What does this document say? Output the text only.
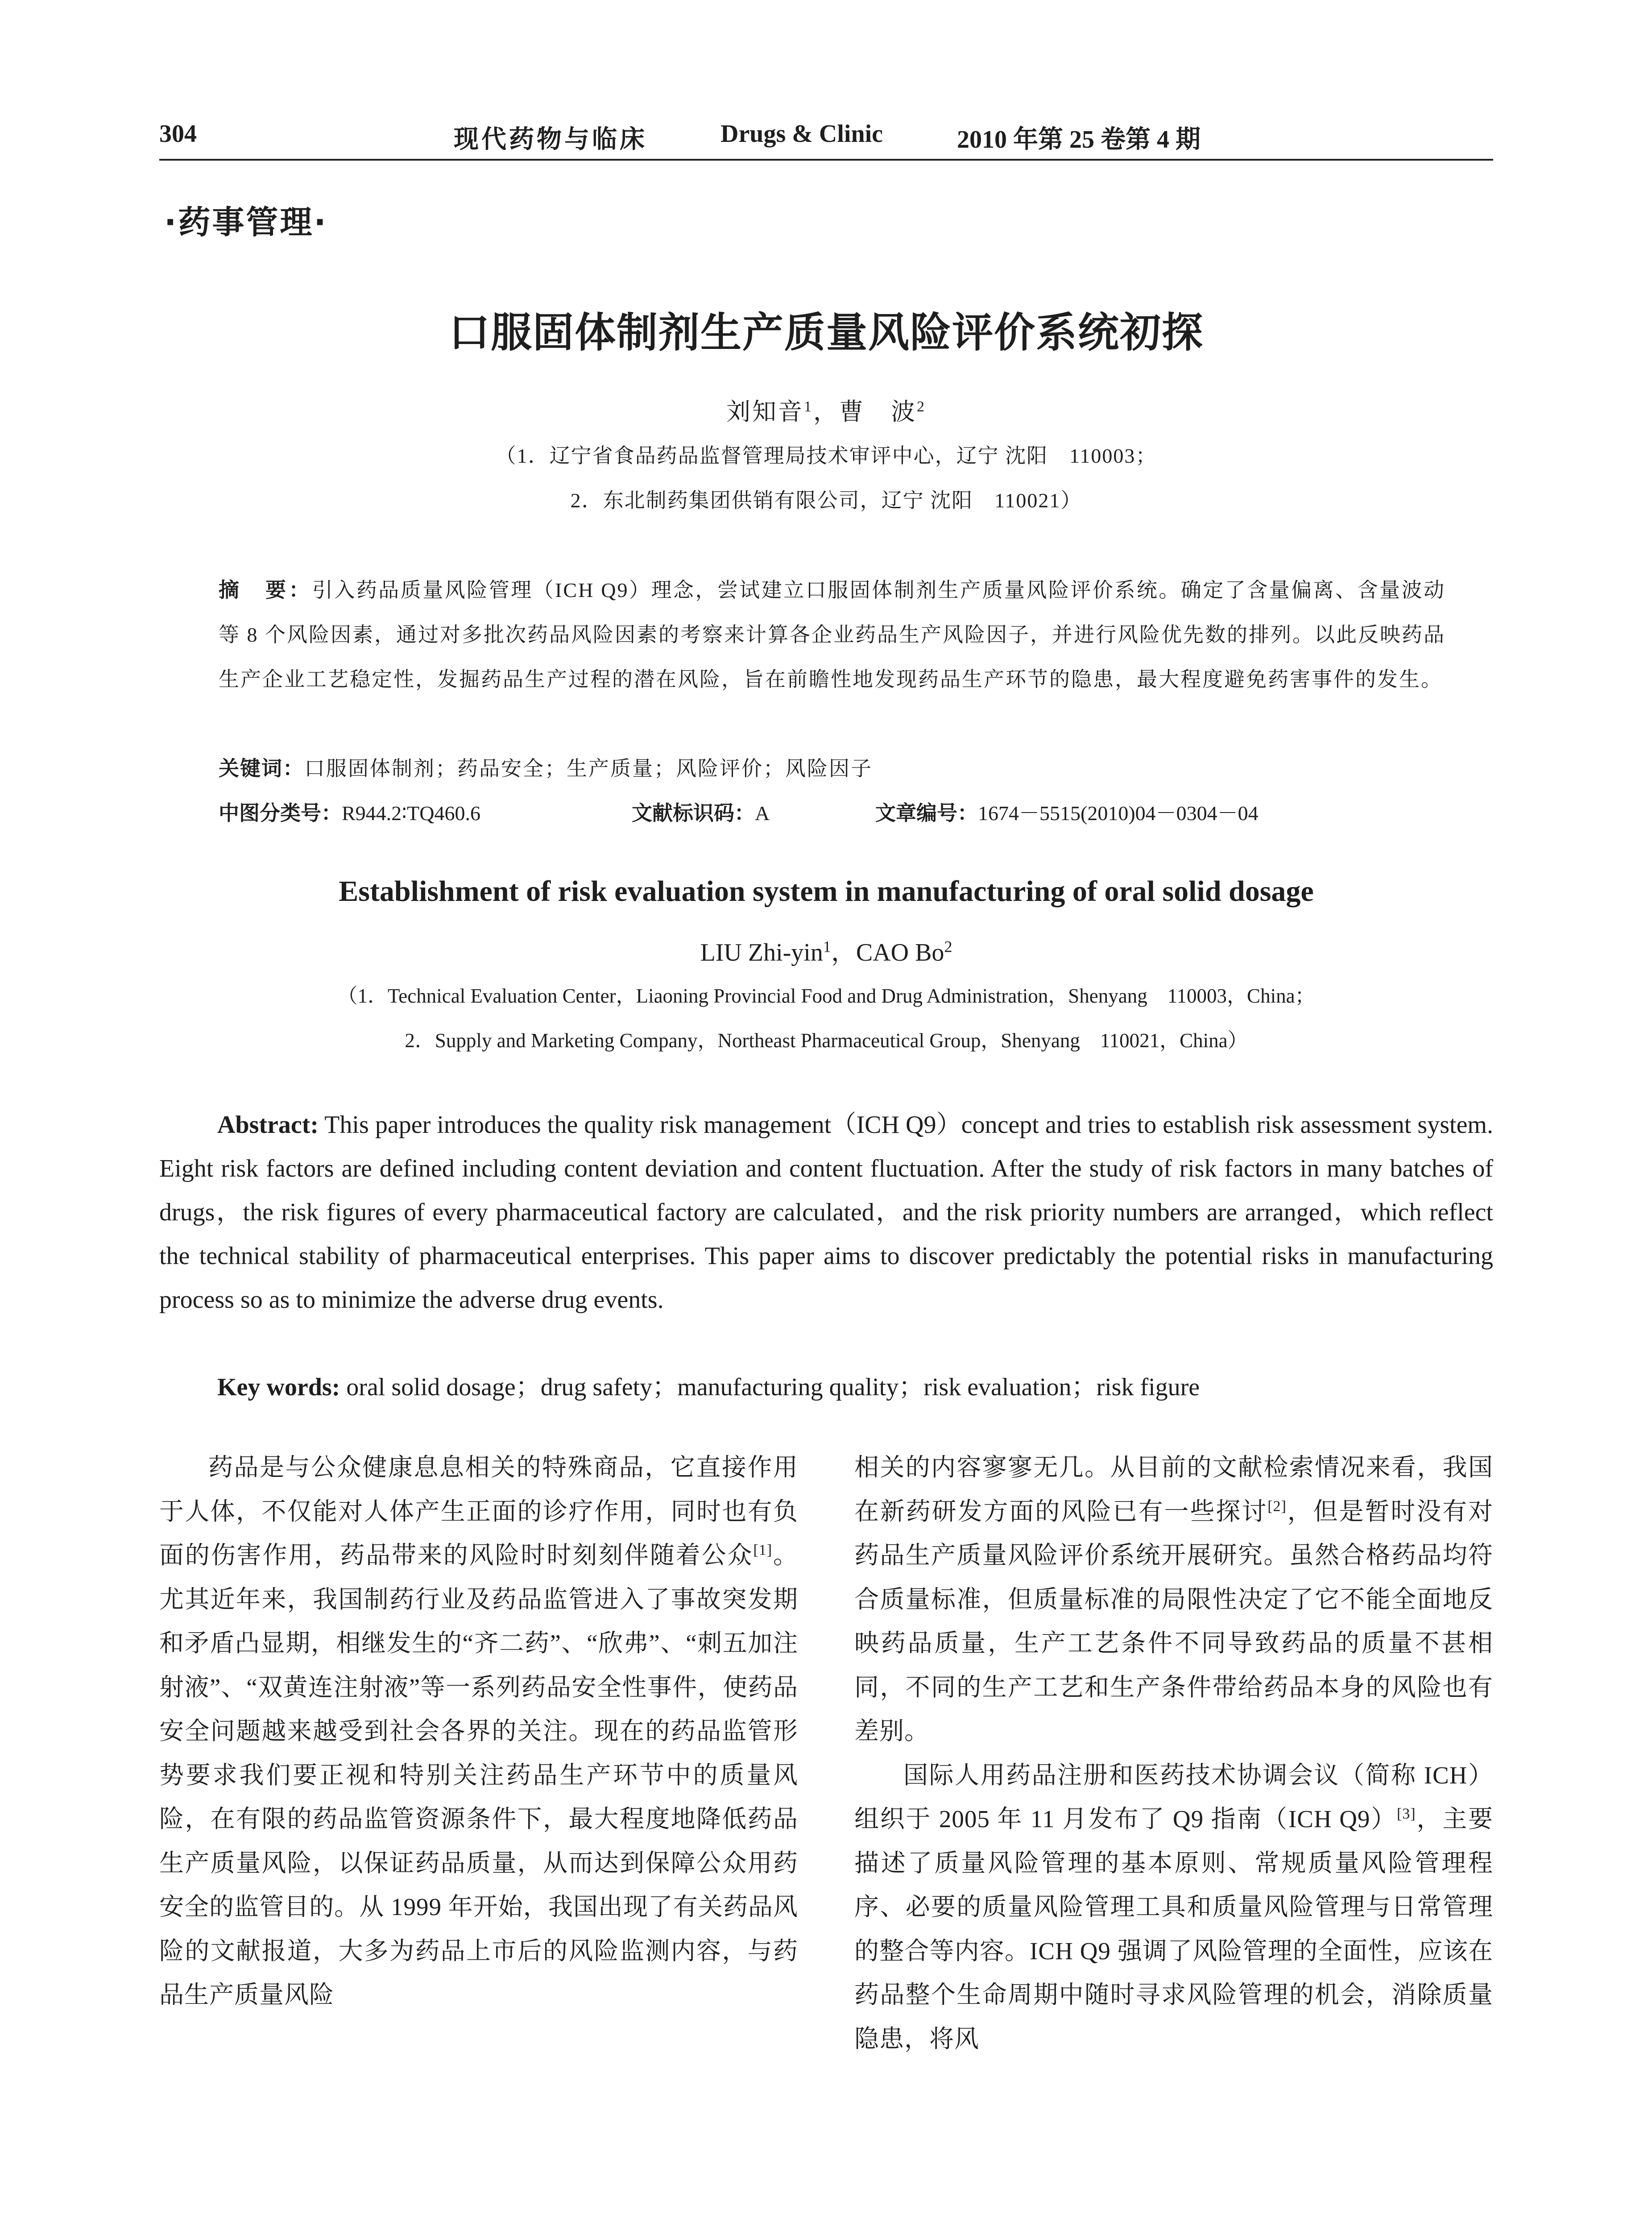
304	现代药物与临床	Drugs & Clinic	2010 年第 25 卷第 4 期
·药事管理·
口服固体制剂生产质量风险评价系统初探
刘知音$^1$，曹　波$^2$
（1．辽宁省食品药品监督管理局技术审评中心，辽宁 沈阳　110003；
2．东北制药集团供销有限公司，辽宁 沈阳　110021）
摘　要：引入药品质量风险管理（ICH Q9）理念，尝试建立口服固体制剂生产质量风险评价系统。确定了含量偏离、含量波动等 8 个风险因素，通过对多批次药品风险因素的考察来计算各企业药品生产风险因子，并进行风险优先数的排列。以此反映药品生产企业工艺稳定性，发掘药品生产过程的潜在风险，旨在前瞻性地发现药品生产环节的隐患，最大程度避免药害事件的发生。
关键词：口服固体制剂；药品安全；生产质量；风险评价；风险因子
中图分类号：R944.2∶TQ460.6	文献标识码：A	文章编号：1674－5515(2010)04－0304－04
Establishment of risk evaluation system in manufacturing of oral solid dosage
LIU Zhi-yin$^1$，CAO Bo$^2$
（1．Technical Evaluation Center，Liaoning Provincial Food and Drug Administration，Shenyang　110003，China；
2．Supply and Marketing Company，Northeast Pharmaceutical Group，Shenyang　110021，China）
Abstract: This paper introduces the quality risk management（ICH Q9）concept and tries to establish risk assessment system. Eight risk factors are defined including content deviation and content fluctuation. After the study of risk factors in many batches of drugs，the risk figures of every pharmaceutical factory are calculated，and the risk priority numbers are arranged，which reflect the technical stability of pharmaceutical enterprises. This paper aims to discover predictably the potential risks in manufacturing process so as to minimize the adverse drug events.
Key words: oral solid dosage；drug safety；manufacturing quality；risk evaluation；risk figure

药品是与公众健康息息相关的特殊商品，它直接作用于人体，不仅能对人体产生正面的诊疗作用，同时也有负面的伤害作用，药品带来的风险时时刻刻伴随着公众[1]。尤其近年来，我国制药行业及药品监管进入了事故突发期和矛盾凸显期，相继发生的“齐二药”、“欣弗”、“刺五加注射液”、“双黄连注射液”等一系列药品安全性事件，使药品安全问题越来越受到社会各界的关注。现在的药品监管形势要求我们要正视和特别关注药品生产环节中的质量风险，在有限的药品监管资源条件下，最大程度地降低药品生产质量风险，以保证药品质量，从而达到保障公众用药安全的监管目的。从 1999 年开始，我国出现了有关药品风险的文献报道，大多为药品上市后的风险监测内容，与药品生产质量风险

相关的内容寥寥无几。从目前的文献检索情况来看，我国在新药研发方面的风险已有一些探讨[2]，但是暂时没有对药品生产质量风险评价系统开展研究。虽然合格药品均符合质量标准，但质量标准的局限性决定了它不能全面地反映药品质量，生产工艺条件不同导致药品的质量不甚相同，不同的生产工艺和生产条件带给药品本身的风险也有差别。

国际人用药品注册和医药技术协调会议（简称 ICH）组织于 2005 年 11 月发布了 Q9 指南（ICH Q9）[3]，主要描述了质量风险管理的基本原则、常规质量风险管理程序、必要的质量风险管理工具和质量风险管理与日常管理的整合等内容。ICH Q9 强调了风险管理的全面性，应该在药品整个生命周期中随时寻求风险管理的机会，消除质量隐患，将风
